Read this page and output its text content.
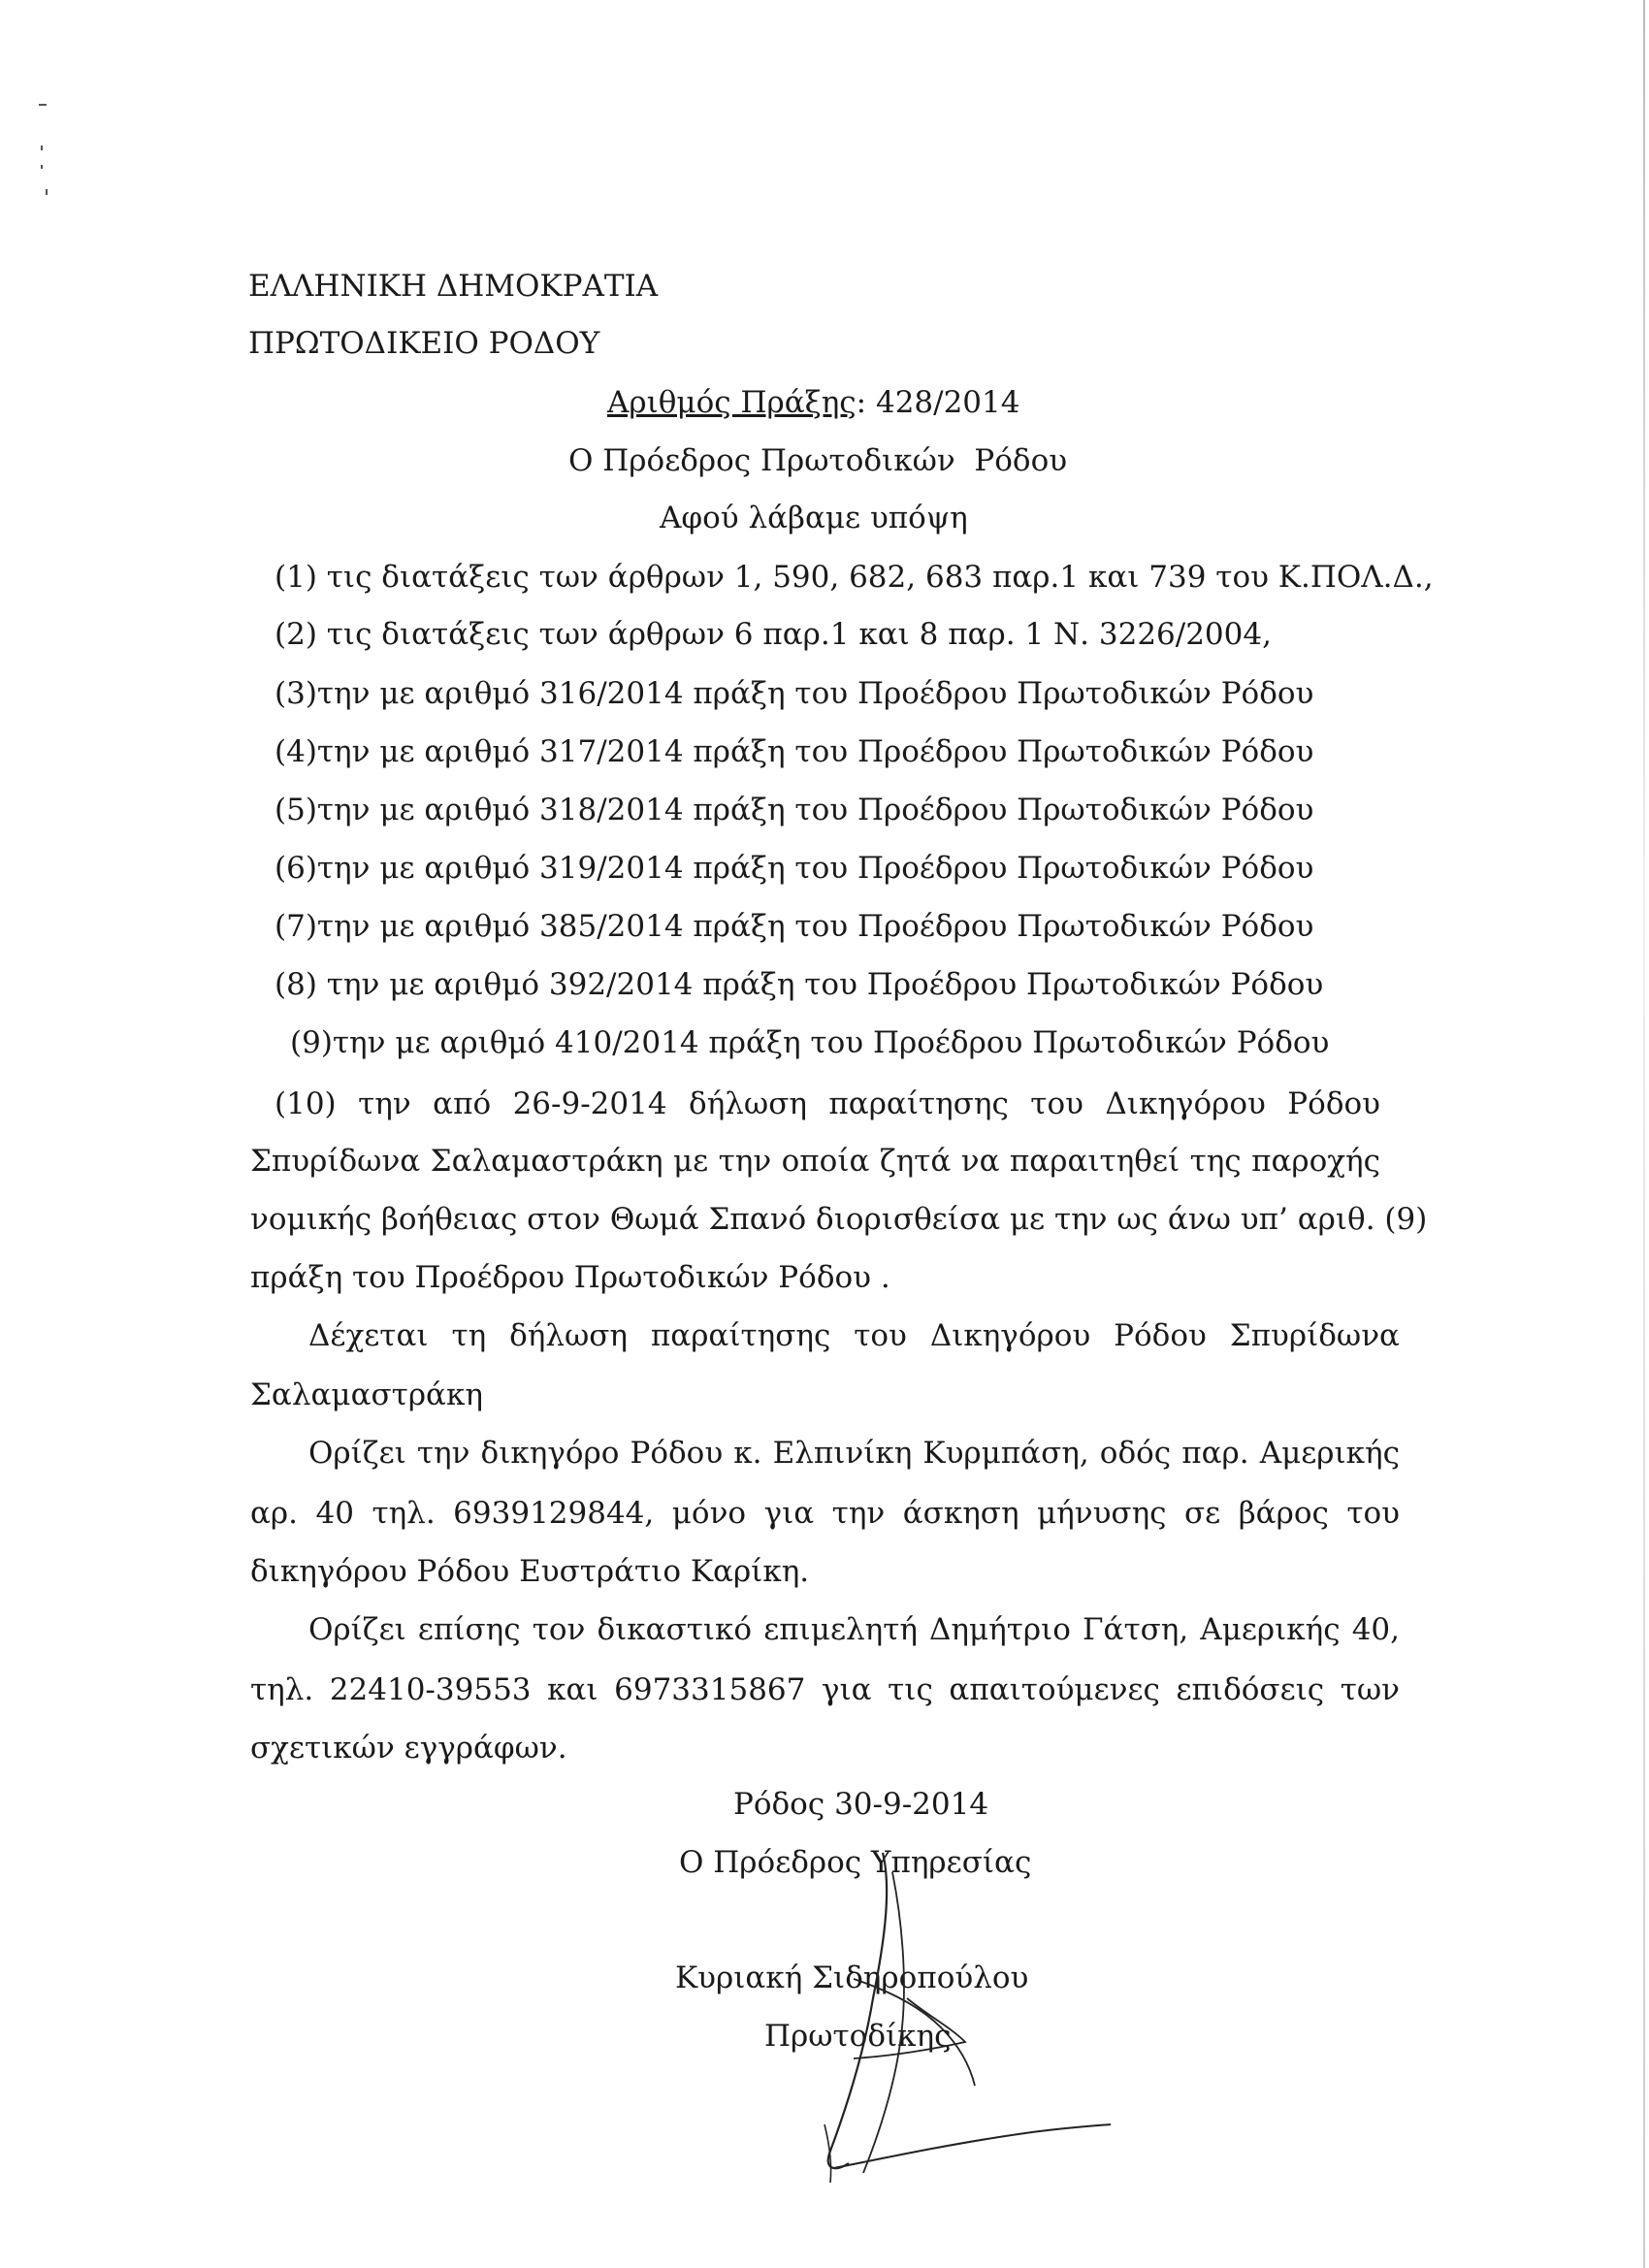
ΕΛΛΗΝΙΚΗ ΔΗΜΟΚΡΑΤΙΑ

ΠΡΩΤΟΔΙΚΕΙΟ ΡΟΔΟΥ

Αριθμός Πράξης: 428/2014

Ο Πρόεδρος Πρωτοδικών  Ρόδου

Αφού λάβαμε υπόψη

(1) τις διατάξεις των άρθρων 1, 590, 682, 683 παρ.1 και 739 του Κ.ΠΟΛ.Δ.,

(2) τις διατάξεις των άρθρων 6 παρ.1 και 8 παρ. 1 Ν. 3226/2004,

(3)την με αριθμό 316/2014 πράξη του Προέδρου Πρωτοδικών Ρόδου

(4)την με αριθμό 317/2014 πράξη του Προέδρου Πρωτοδικών Ρόδου

(5)την με αριθμό 318/2014 πράξη του Προέδρου Πρωτοδικών Ρόδου

(6)την με αριθμό 319/2014 πράξη του Προέδρου Πρωτοδικών Ρόδου

(7)την με αριθμό 385/2014 πράξη του Προέδρου Πρωτοδικών Ρόδου

(8) την με αριθμό 392/2014 πράξη του Προέδρου Πρωτοδικών Ρόδου

(9)την με αριθμό 410/2014 πράξη του Προέδρου Πρωτοδικών Ρόδου

(10) την από 26-9-2014 δήλωση παραίτησης του Δικηγόρου Ρόδου

Σπυρίδωνα Σαλαμαστράκη με την οποία ζητά να παραιτηθεί της παροχής

νομικής βοήθειας στον Θωμά Σπανό διορισθείσα με την ως άνω υπ’ αριθ. (9)

πράξη του Προέδρου Πρωτοδικών Ρόδου .

Δέχεται τη δήλωση παραίτησης του Δικηγόρου Ρόδου Σπυρίδωνα

Σαλαμαστράκη

Ορίζει την δικηγόρο Ρόδου κ. Ελπινίκη Κυρμπάση, οδός παρ. Αμερικής

αρ. 40 τηλ. 6939129844, μόνο για την άσκηση μήνυσης σε βάρος του

δικηγόρου Ρόδου Ευστράτιο Καρίκη.

Ορίζει επίσης τον δικαστικό επιμελητή Δημήτριο Γάτση, Αμερικής 40,

τηλ. 22410-39553 και 6973315867 για τις απαιτούμενες επιδόσεις των

σχετικών εγγράφων.

Ρόδος 30-9-2014

Ο Πρόεδρος Υπηρεσίας

Κυριακή Σιδηροπούλου

Πρωτοδίκης
